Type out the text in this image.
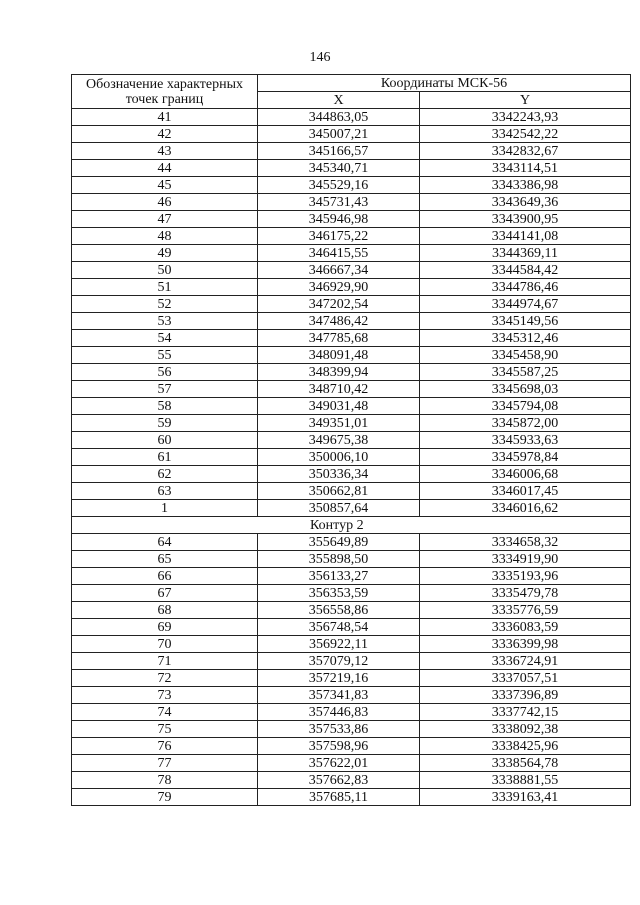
146
Обозначение характерных точек границ	Координаты МСК-56	
	X	Y
41	344863,05	3342243,93
42	345007,21	3342542,22
43	345166,57	3342832,67
44	345340,71	3343114,51
45	345529,16	3343386,98
46	345731,43	3343649,36
47	345946,98	3343900,95
48	346175,22	3344141,08
49	346415,55	3344369,11
50	346667,34	3344584,42
51	346929,90	3344786,46
52	347202,54	3344974,67
53	347486,42	3345149,56
54	347785,68	3345312,46
55	348091,48	3345458,90
56	348399,94	3345587,25
57	348710,42	3345698,03
58	349031,48	3345794,08
59	349351,01	3345872,00
60	349675,38	3345933,63
61	350006,10	3345978,84
62	350336,34	3346006,68
63	350662,81	3346017,45
1	350857,64	3346016,62
Контур 2		
64	355649,89	3334658,32
65	355898,50	3334919,90
66	356133,27	3335193,96
67	356353,59	3335479,78
68	356558,86	3335776,59
69	356748,54	3336083,59
70	356922,11	3336399,98
71	357079,12	3336724,91
72	357219,16	3337057,51
73	357341,83	3337396,89
74	357446,83	3337742,15
75	357533,86	3338092,38
76	357598,96	3338425,96
77	357622,01	3338564,78
78	357662,83	3338881,55
79	357685,11	3339163,41
